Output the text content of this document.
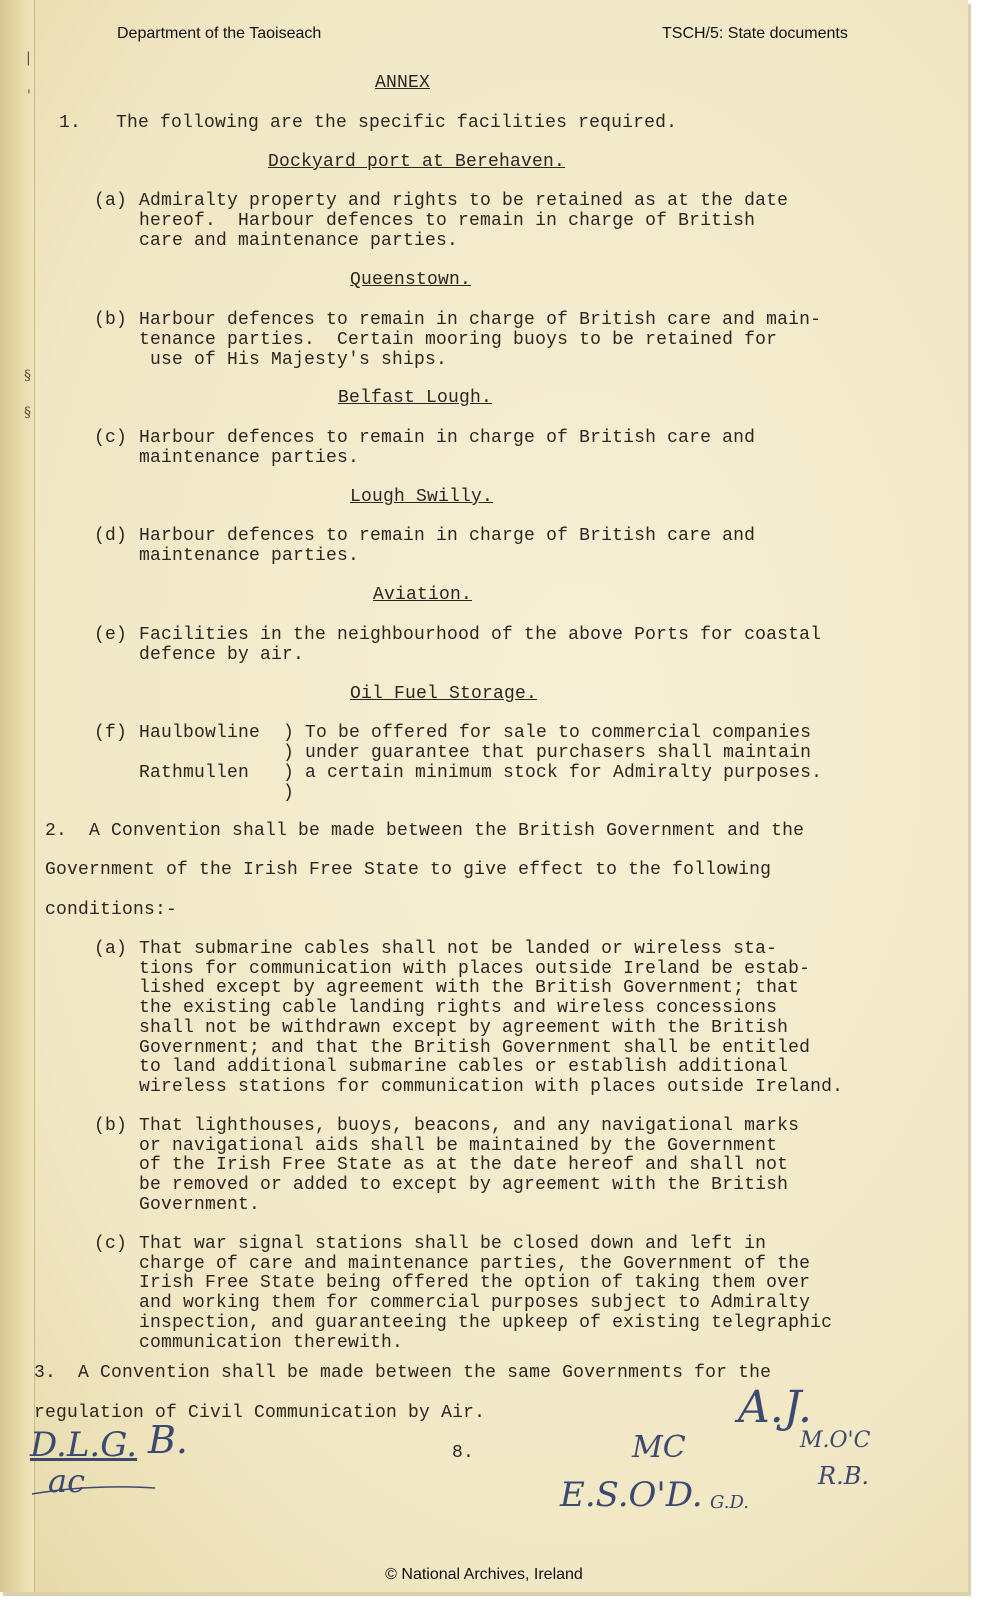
|
'
§
§
Department of the Taoiseach	TSCH/5: State documents
ANNEX
1. The following are the specific facilities required.
Dockyard port at Berehaven.
(a) Admiralty property and rights to be retained as at the date
hereof.  Harbour defences to remain in charge of British
care and maintenance parties.
Queenstown.
(b) Harbour defences to remain in charge of British care and main-
tenance parties.  Certain mooring buoys to be retained for
use of His Majesty's ships.
Belfast Lough.
(c) Harbour defences to remain in charge of British care and
maintenance parties.
Lough Swilly.
(d) Harbour defences to remain in charge of British care and
maintenance parties.
Aviation.
(e) Facilities in the neighbourhood of the above Ports for coastal
defence by air.
Oil Fuel Storage.
(f) Haulbowline
Rathmullen
) To be offered for sale to commercial companies
) under guarantee that purchasers shall maintain
) a certain minimum stock for Admiralty purposes.
)
2.  A Convention shall be made between the British Government and the
Government of the Irish Free State to give effect to the following
conditions:-
(a) That submarine cables shall not be landed or wireless sta-
tions for communication with places outside Ireland be estab-
lished except by agreement with the British Government; that
the existing cable landing rights and wireless concessions
shall not be withdrawn except by agreement with the British
Government; and that the British Government shall be entitled
to land additional submarine cables or establish additional
wireless stations for communication with places outside Ireland.
(b) That lighthouses, buoys, beacons, and any navigational marks
or navigational aids shall be maintained by the Government
of the Irish Free State as at the date hereof and shall not
be removed or added to except by agreement with the British
Government.
(c) That war signal stations shall be closed down and left in
charge of care and maintenance parties, the Government of the
Irish Free State being offered the option of taking them over
and working them for commercial purposes subject to Admiralty
inspection, and guaranteeing the upkeep of existing telegraphic
communication therewith.
3.  A Convention shall be made between the same Governments for the
regulation of Civil Communication by Air.
8.
D.L.G. B.
ac
A.J.
MC	M.O'C
R.B.
E.S.O'D. G.D.
© National Archives, Ireland
